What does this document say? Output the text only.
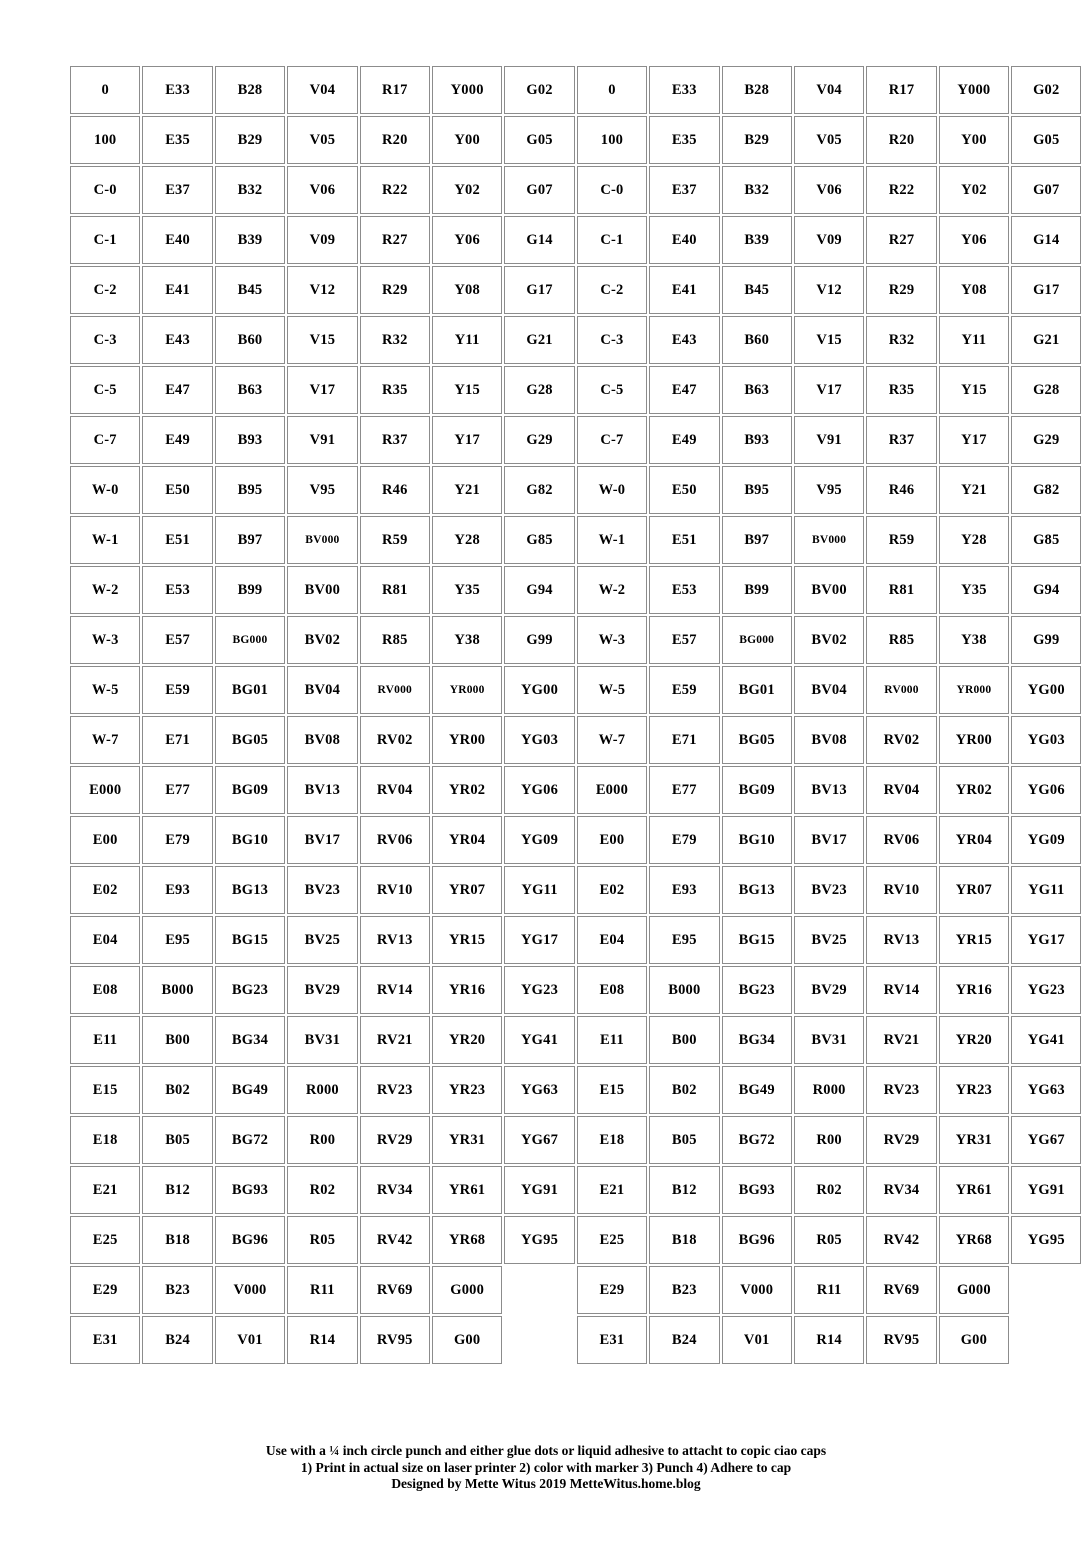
0	E33	B28	V04	R17	Y000	G02	0	E33	B28	V04	R17	Y000	G02
100	E35	B29	V05	R20	Y00	G05	100	E35	B29	V05	R20	Y00	G05
C-0	E37	B32	V06	R22	Y02	G07	C-0	E37	B32	V06	R22	Y02	G07
C-1	E40	B39	V09	R27	Y06	G14	C-1	E40	B39	V09	R27	Y06	G14
C-2	E41	B45	V12	R29	Y08	G17	C-2	E41	B45	V12	R29	Y08	G17
C-3	E43	B60	V15	R32	Y11	G21	C-3	E43	B60	V15	R32	Y11	G21
C-5	E47	B63	V17	R35	Y15	G28	C-5	E47	B63	V17	R35	Y15	G28
C-7	E49	B93	V91	R37	Y17	G29	C-7	E49	B93	V91	R37	Y17	G29
W-0	E50	B95	V95	R46	Y21	G82	W-0	E50	B95	V95	R46	Y21	G82
W-1	E51	B97	BV000	R59	Y28	G85	W-1	E51	B97	BV000	R59	Y28	G85
W-2	E53	B99	BV00	R81	Y35	G94	W-2	E53	B99	BV00	R81	Y35	G94
W-3	E57	BG000	BV02	R85	Y38	G99	W-3	E57	BG000	BV02	R85	Y38	G99
W-5	E59	BG01	BV04	RV000	YR000	YG00	W-5	E59	BG01	BV04	RV000	YR000	YG00
W-7	E71	BG05	BV08	RV02	YR00	YG03	W-7	E71	BG05	BV08	RV02	YR00	YG03
E000	E77	BG09	BV13	RV04	YR02	YG06	E000	E77	BG09	BV13	RV04	YR02	YG06
E00	E79	BG10	BV17	RV06	YR04	YG09	E00	E79	BG10	BV17	RV06	YR04	YG09
E02	E93	BG13	BV23	RV10	YR07	YG11	E02	E93	BG13	BV23	RV10	YR07	YG11
E04	E95	BG15	BV25	RV13	YR15	YG17	E04	E95	BG15	BV25	RV13	YR15	YG17
E08	B000	BG23	BV29	RV14	YR16	YG23	E08	B000	BG23	BV29	RV14	YR16	YG23
E11	B00	BG34	BV31	RV21	YR20	YG41	E11	B00	BG34	BV31	RV21	YR20	YG41
E15	B02	BG49	R000	RV23	YR23	YG63	E15	B02	BG49	R000	RV23	YR23	YG63
E18	B05	BG72	R00	RV29	YR31	YG67	E18	B05	BG72	R00	RV29	YR31	YG67
E21	B12	BG93	R02	RV34	YR61	YG91	E21	B12	BG93	R02	RV34	YR61	YG91
E25	B18	BG96	R05	RV42	YR68	YG95	E25	B18	BG96	R05	RV42	YR68	YG95
E29	B23	V000	R11	RV69	G000		E29	B23	V000	R11	RV69	G000	
E31	B24	V01	R14	RV95	G00		E31	B24	V01	R14	RV95	G00	
Use with a ¼ inch circle punch and either glue dots or liquid adhesive to attacht to copic ciao caps
1) Print in actual size on laser printer 2) color with marker 3) Punch 4) Adhere to cap
Designed by Mette Witus 2019 MetteWitus.home.blog
